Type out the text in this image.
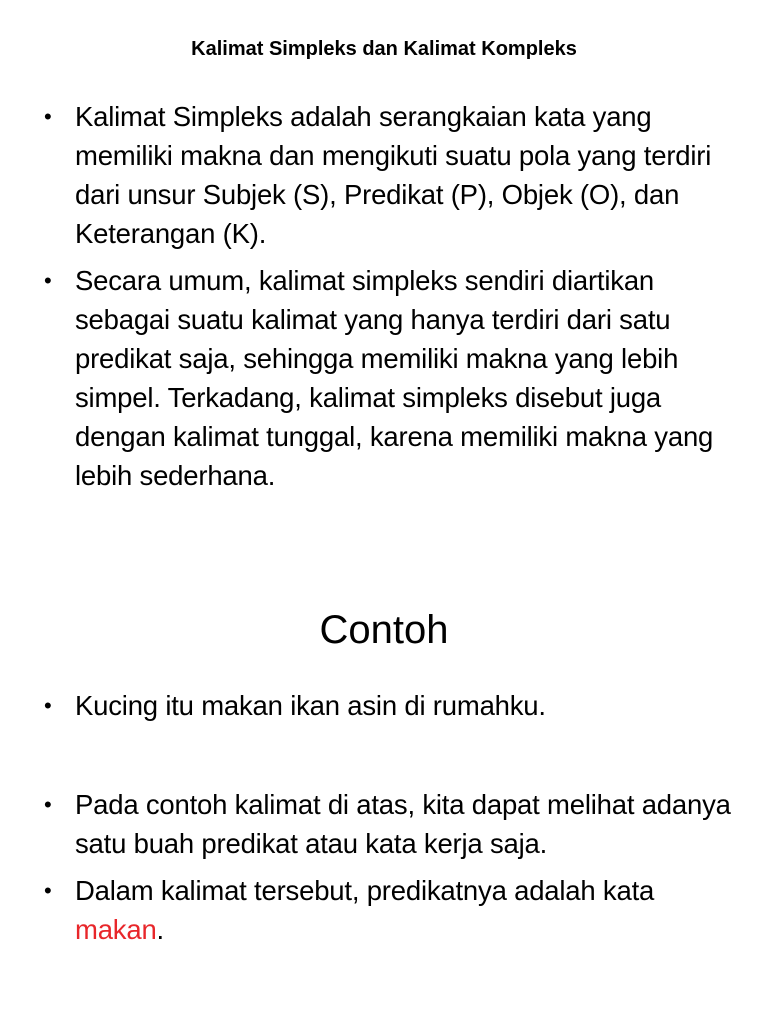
Kalimat Simpleks dan Kalimat Kompleks
• Kalimat Simpleks adalah serangkaian kata yang memiliki makna dan mengikuti suatu pola yang terdiri dari unsur Subjek (S), Predikat (P), Objek (O), dan Keterangan (K).
• Secara umum, kalimat simpleks sendiri diartikan sebagai suatu kalimat yang hanya terdiri dari satu predikat saja, sehingga memiliki makna yang lebih simpel. Terkadang, kalimat simpleks disebut juga dengan kalimat tunggal, karena memiliki makna yang lebih sederhana.
Contoh
• Kucing itu makan ikan asin di rumahku.
• Pada contoh kalimat di atas, kita dapat melihat adanya satu buah predikat atau kata kerja saja.
• Dalam kalimat tersebut, predikatnya adalah kata makan.
